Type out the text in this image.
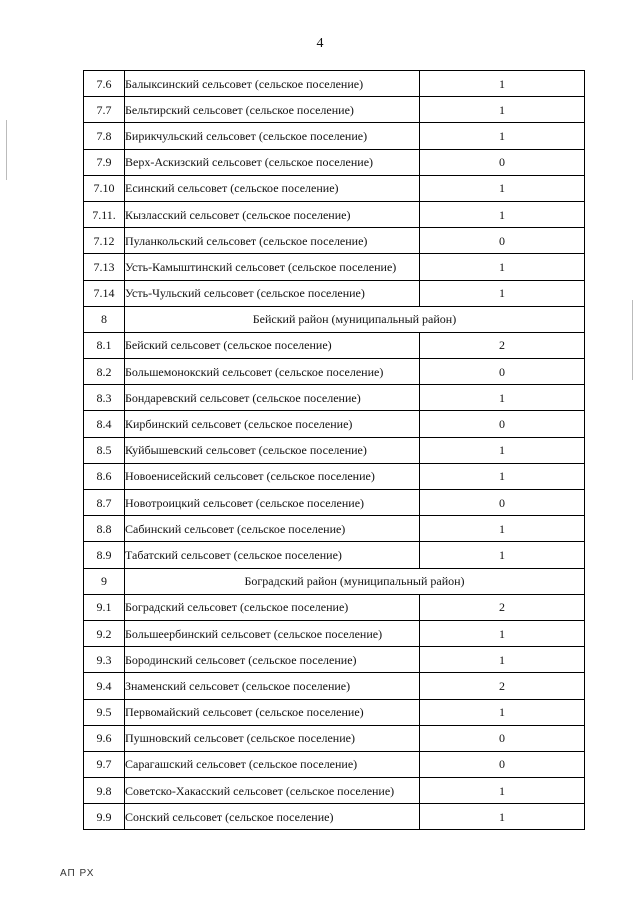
4
7.6	Балыксинский сельсовет (сельское поселение)	1
7.7	Бельтирский сельсовет (сельское поселение)	1
7.8	Бирикчульский сельсовет (сельское поселение)	1
7.9	Верх-Аскизский сельсовет (сельское поселение)	0
7.10	Есинский сельсовет (сельское поселение)	1
7.11.	Кызласский сельсовет (сельское поселение)	1
7.12	Пуланкольский сельсовет (сельское поселение)	0
7.13	Усть-Камыштинский сельсовет (сельское поселение)	1
7.14	Усть-Чульский сельсовет (сельское поселение)	1
8	Бейский район (муниципальный район)	
8.1	Бейский сельсовет (сельское поселение)	2
8.2	Большемонокский сельсовет (сельское поселение)	0
8.3	Бондаревский сельсовет (сельское поселение)	1
8.4	Кирбинский сельсовет (сельское поселение)	0
8.5	Куйбышевский сельсовет (сельское поселение)	1
8.6	Новоенисейский сельсовет (сельское поселение)	1
8.7	Новотроицкий сельсовет (сельское поселение)	0
8.8	Сабинский сельсовет (сельское поселение)	1
8.9	Табатский сельсовет (сельское поселение)	1
9	Боградский район (муниципальный район)	
9.1	Боградский сельсовет (сельское поселение)	2
9.2	Большеербинский сельсовет (сельское поселение)	1
9.3	Бородинский сельсовет (сельское поселение)	1
9.4	Знаменский сельсовет (сельское поселение)	2
9.5	Первомайский сельсовет (сельское поселение)	1
9.6	Пушновский сельсовет (сельское поселение)	0
9.7	Сарагашский сельсовет (сельское поселение)	0
9.8	Советско-Хакасский сельсовет (сельское поселение)	1
9.9	Сонский сельсовет (сельское поселение)	1
АП РХ
